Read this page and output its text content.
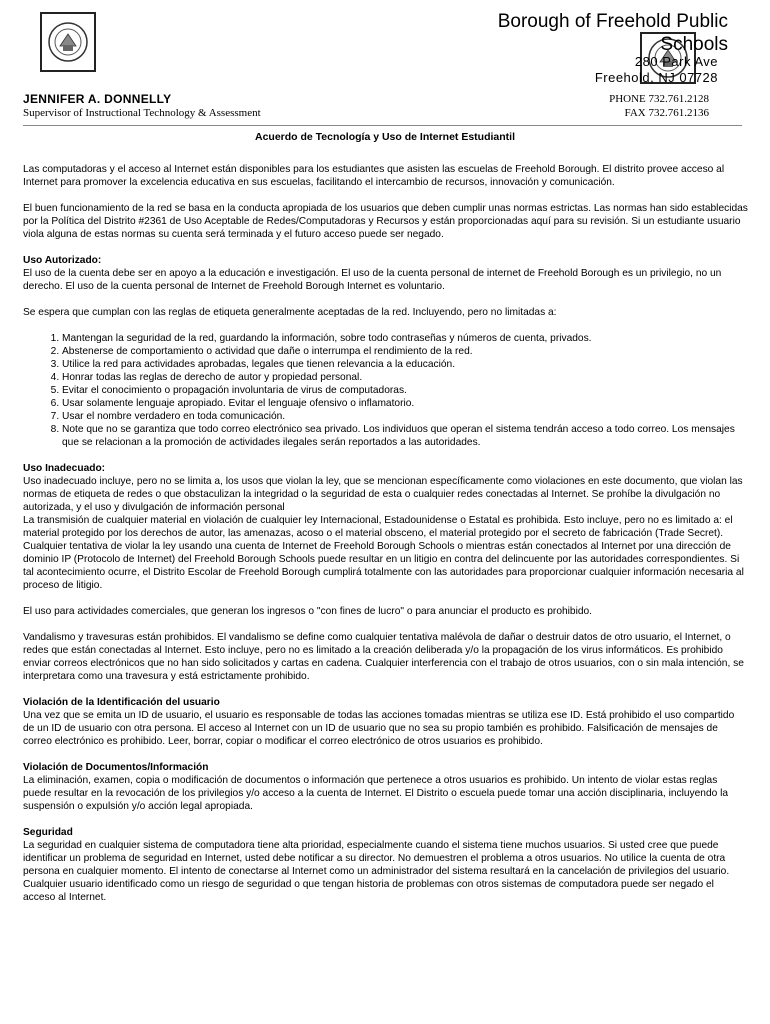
Borough of Freehold Public Schools
280 Park Ave
Freehold, NJ 07728
JENNIFER A. DONNELLY
Supervisor of Instructional Technology & Assessment
PHONE 732.761.2128
FAX 732.761.2136
Acuerdo de Tecnología y Uso de Internet Estudiantil

Las computadoras y el acceso al Internet están disponibles para los estudiantes que asisten las escuelas de Freehold Borough. El distrito provee acceso al Internet para promover la excelencia educativa en sus escuelas, facilitando el intercambio de recursos, innovación y comunicación.

El buen funcionamiento de la red se basa en la conducta apropiada de los usuarios que deben cumplir unas normas estrictas. Las normas han sido establecidas por la Política del Distrito #2361 de Uso Aceptable de Redes/Computadoras y Recursos y están proporcionadas aquí para su revisión. Si un estudiante usuario viola alguna de estas normas su cuenta será terminada y el futuro acceso puede ser negado.

Uso Autorizado:

El uso de la cuenta debe ser en apoyo a la educación e investigación. El uso de la cuenta personal de internet de Freehold Borough es un privilegio, no un derecho. El uso de la cuenta personal de Internet de Freehold Borough Internet es voluntario.

Se espera que cumplan con las reglas de etiqueta generalmente aceptadas de la red. Incluyendo, pero no limitadas a:

1. Mantengan la seguridad de la red, guardando la información, sobre todo contraseñas y números de cuenta, privados.
2. Abstenerse de comportamiento o actividad que dañe o interrumpa el rendimiento de la red.
3. Utilice la red para actividades aprobadas, legales que tienen relevancia a la educación.
4. Honrar todas las reglas de derecho de autor y propiedad personal.
5. Evitar el conocimiento o propagación involuntaria de virus de computadoras.
6. Usar solamente lenguaje apropiado. Evitar el lenguaje ofensivo o inflamatorio.
7. Usar el nombre verdadero en toda comunicación.
8. Note que no se garantiza que todo correo electrónico sea privado. Los individuos que operan el sistema tendrán acceso a todo correo. Los mensajes que se relacionan a la promoción de actividades ilegales serán reportados a las autoridades.
Uso Inadecuado:
Uso inadecuado incluye, pero no se limita a, los usos que violan la ley, que se mencionan específicamente como violaciones en este documento, que violan las normas de etiqueta de redes o que obstaculizan la integridad o la seguridad de esta o cualquier redes conectadas al Internet. Se prohíbe la divulgación no autorizada, y el uso y divulgación de información personal

La transmisión de cualquier material en violación de cualquier ley Internacional, Estadounidense o Estatal es prohibida. Esto incluye, pero no es limitado a: el material protegido por los derechos de autor, las amenazas, acoso o el material obsceno, el material protegido por el secreto de fabricación (Trade Secret). Cualquier tentativa de violar la ley usando una cuenta de Internet de Freehold Borough Schools o mientras están conectados al Internet por una dirección de dominio IP (Protocolo de Internet) del Freehold Borough Schools puede resultar en un litigio en contra del delincuente por las autoridades correspondientes. Si tal acontecimiento ocurre, el Distrito Escolar de Freehold Borough cumplirá totalmente con las autoridades para proporcionar cualquier información necesaria al proceso de litigio.

El uso para actividades comerciales, que generan los ingresos o "con fines de lucro" o para anunciar el producto es prohibido.

Vandalismo y travesuras están prohibidos. El vandalismo se define como cualquier tentativa malévola de dañar o destruir datos de otro usuario, el Internet, o redes que están conectadas al Internet. Esto incluye, pero no es limitado a la creación deliberada y/o la propagación de los virus informáticos. Es prohibido enviar correos electrónicos que no han sido solicitados y cartas en cadena. Cualquier interferencia con el trabajo de otros usuarios, con o sin mala intención, se interpretara como una travesura y está estrictamente prohibido.

Violación de la Identificación del usuario

Una vez que se emita un ID de usuario, el usuario es responsable de todas las acciones tomadas mientras se utiliza ese ID. Está prohibido el uso compartido de un ID de usuario con otra persona. El acceso al Internet con un ID de usuario que no sea su propio también es prohibido. Falsificación de mensajes de correo electrónico es prohibido. Leer, borrar, copiar o modificar el correo electrónico de otros usuarios es prohibido.

Violación de Documentos/Información

La eliminación, examen, copia o modificación de documentos o información que pertenece a otros usuarios es prohibido. Un intento de violar estas reglas puede resultar en la revocación de los privilegios y/o acceso a la cuenta de Internet. El Distrito o escuela puede tomar una acción disciplinaria, incluyendo la suspensión o expulsión y/o acción legal apropiada.

Seguridad

La seguridad en cualquier sistema de computadora tiene alta prioridad, especialmente cuando el sistema tiene muchos usuarios. Si usted cree que puede identificar un problema de seguridad en Internet, usted debe notificar a su director. No demuestren el problema a otros usuarios. No utilice la cuenta de otra persona en cualquier momento. El intento de conectarse al Internet como un administrador del sistema resultará en la cancelación de privilegios del usuario. Cualquier usuario identificado como un riesgo de seguridad o que tengan historia de problemas con otros sistemas de computadora puede ser negado el acceso al Internet.
